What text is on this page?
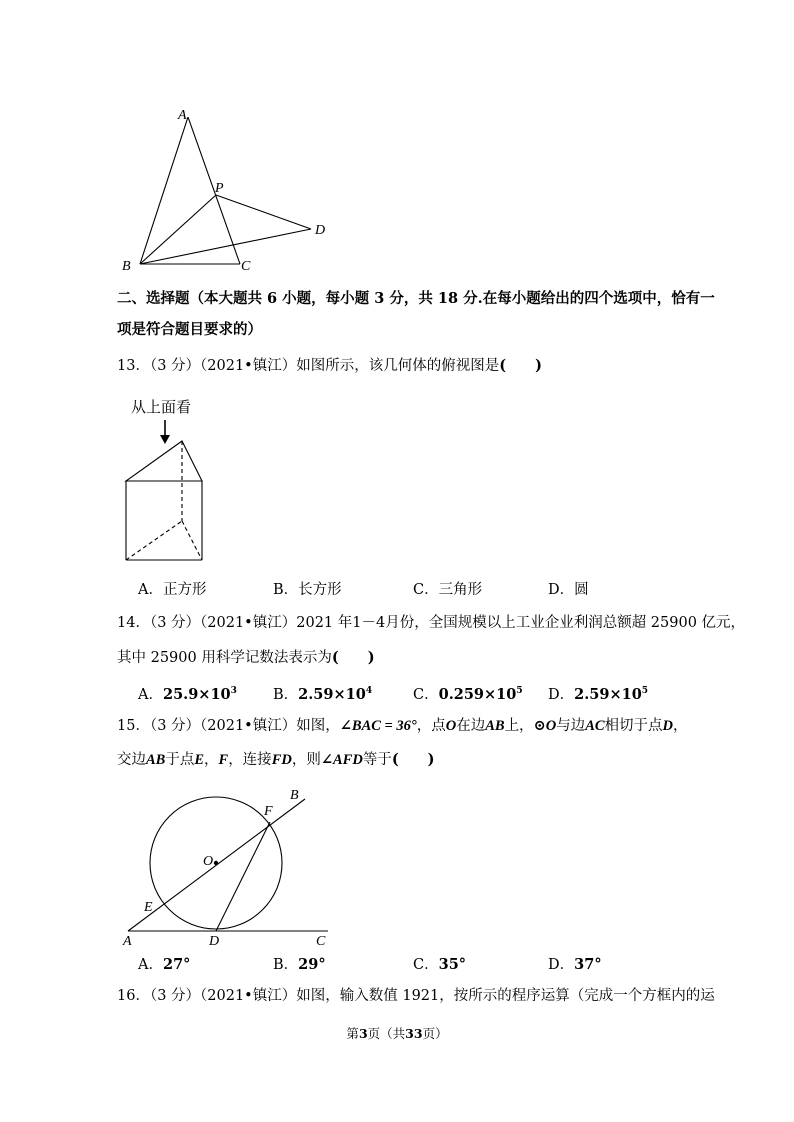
A
P
D
B	C
二、选择题（本大题共 6 小题，每小题 3 分，共 18 分.在每小题给出的四个选项中，恰有一
项是符合题目要求的）
13．（3 分）（2021•镇江）如图所示，该几何体的俯视图是(　　)
从上面看
A．正方形	B．长方形	C．三角形	D．圆
14．（3 分）（2021•镇江）2021 年1－4月份，全国规模以上工业企业利润总额超 25900 亿元，
其中 25900 用科学记数法表示为(　　)
A．$25.9\times 10^3$ B．$2.59\times 10^4$	C．$0.259\times 10^5$ D．$2.59\times 10^5$
15．（3 分）（2021•镇江）如图，∠BAC = 36°，点O在边AB上，⊙O与边AC相切于点D，
交边AB于点E，F，连接FD，则∠AFD等于(　　)
B
F
O
E
A	D	C
A．27°	B．29°	C．35°	D．37°
16．（3 分）（2021•镇江）如图，输入数值 1921，按所示的程序运算（完成一个方框内的运
第3页（共33页）
